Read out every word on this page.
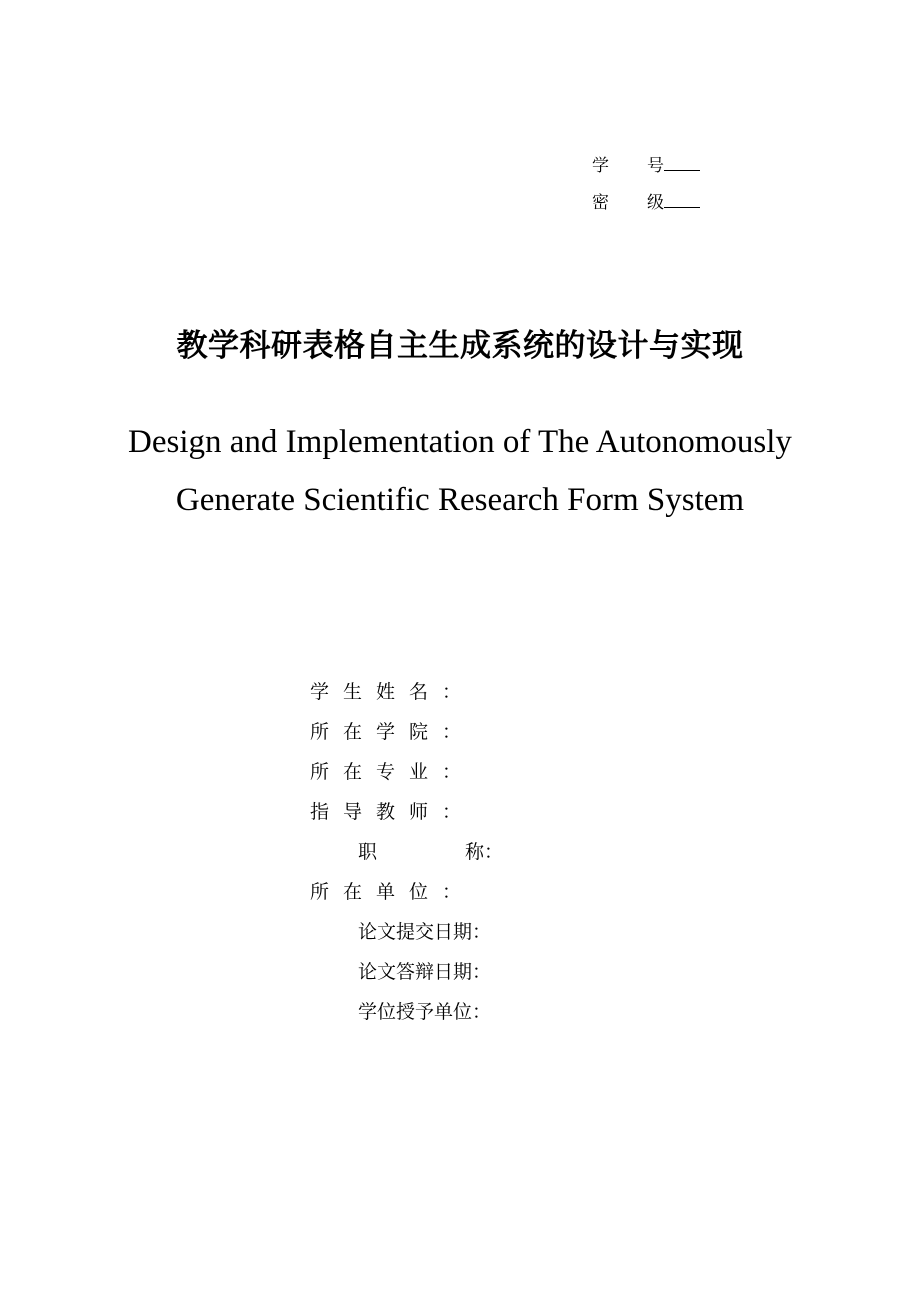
学 号
密 级
教学科研表格自主生成系统的设计与实现
Design and Implementation of The Autonomously
Generate Scientific Research Form System
学生姓名：
所在学院：
所在专业：
指导教师：
职	称：
所在单位：
论文提交日期：
论文答辩日期：
学位授予单位：
